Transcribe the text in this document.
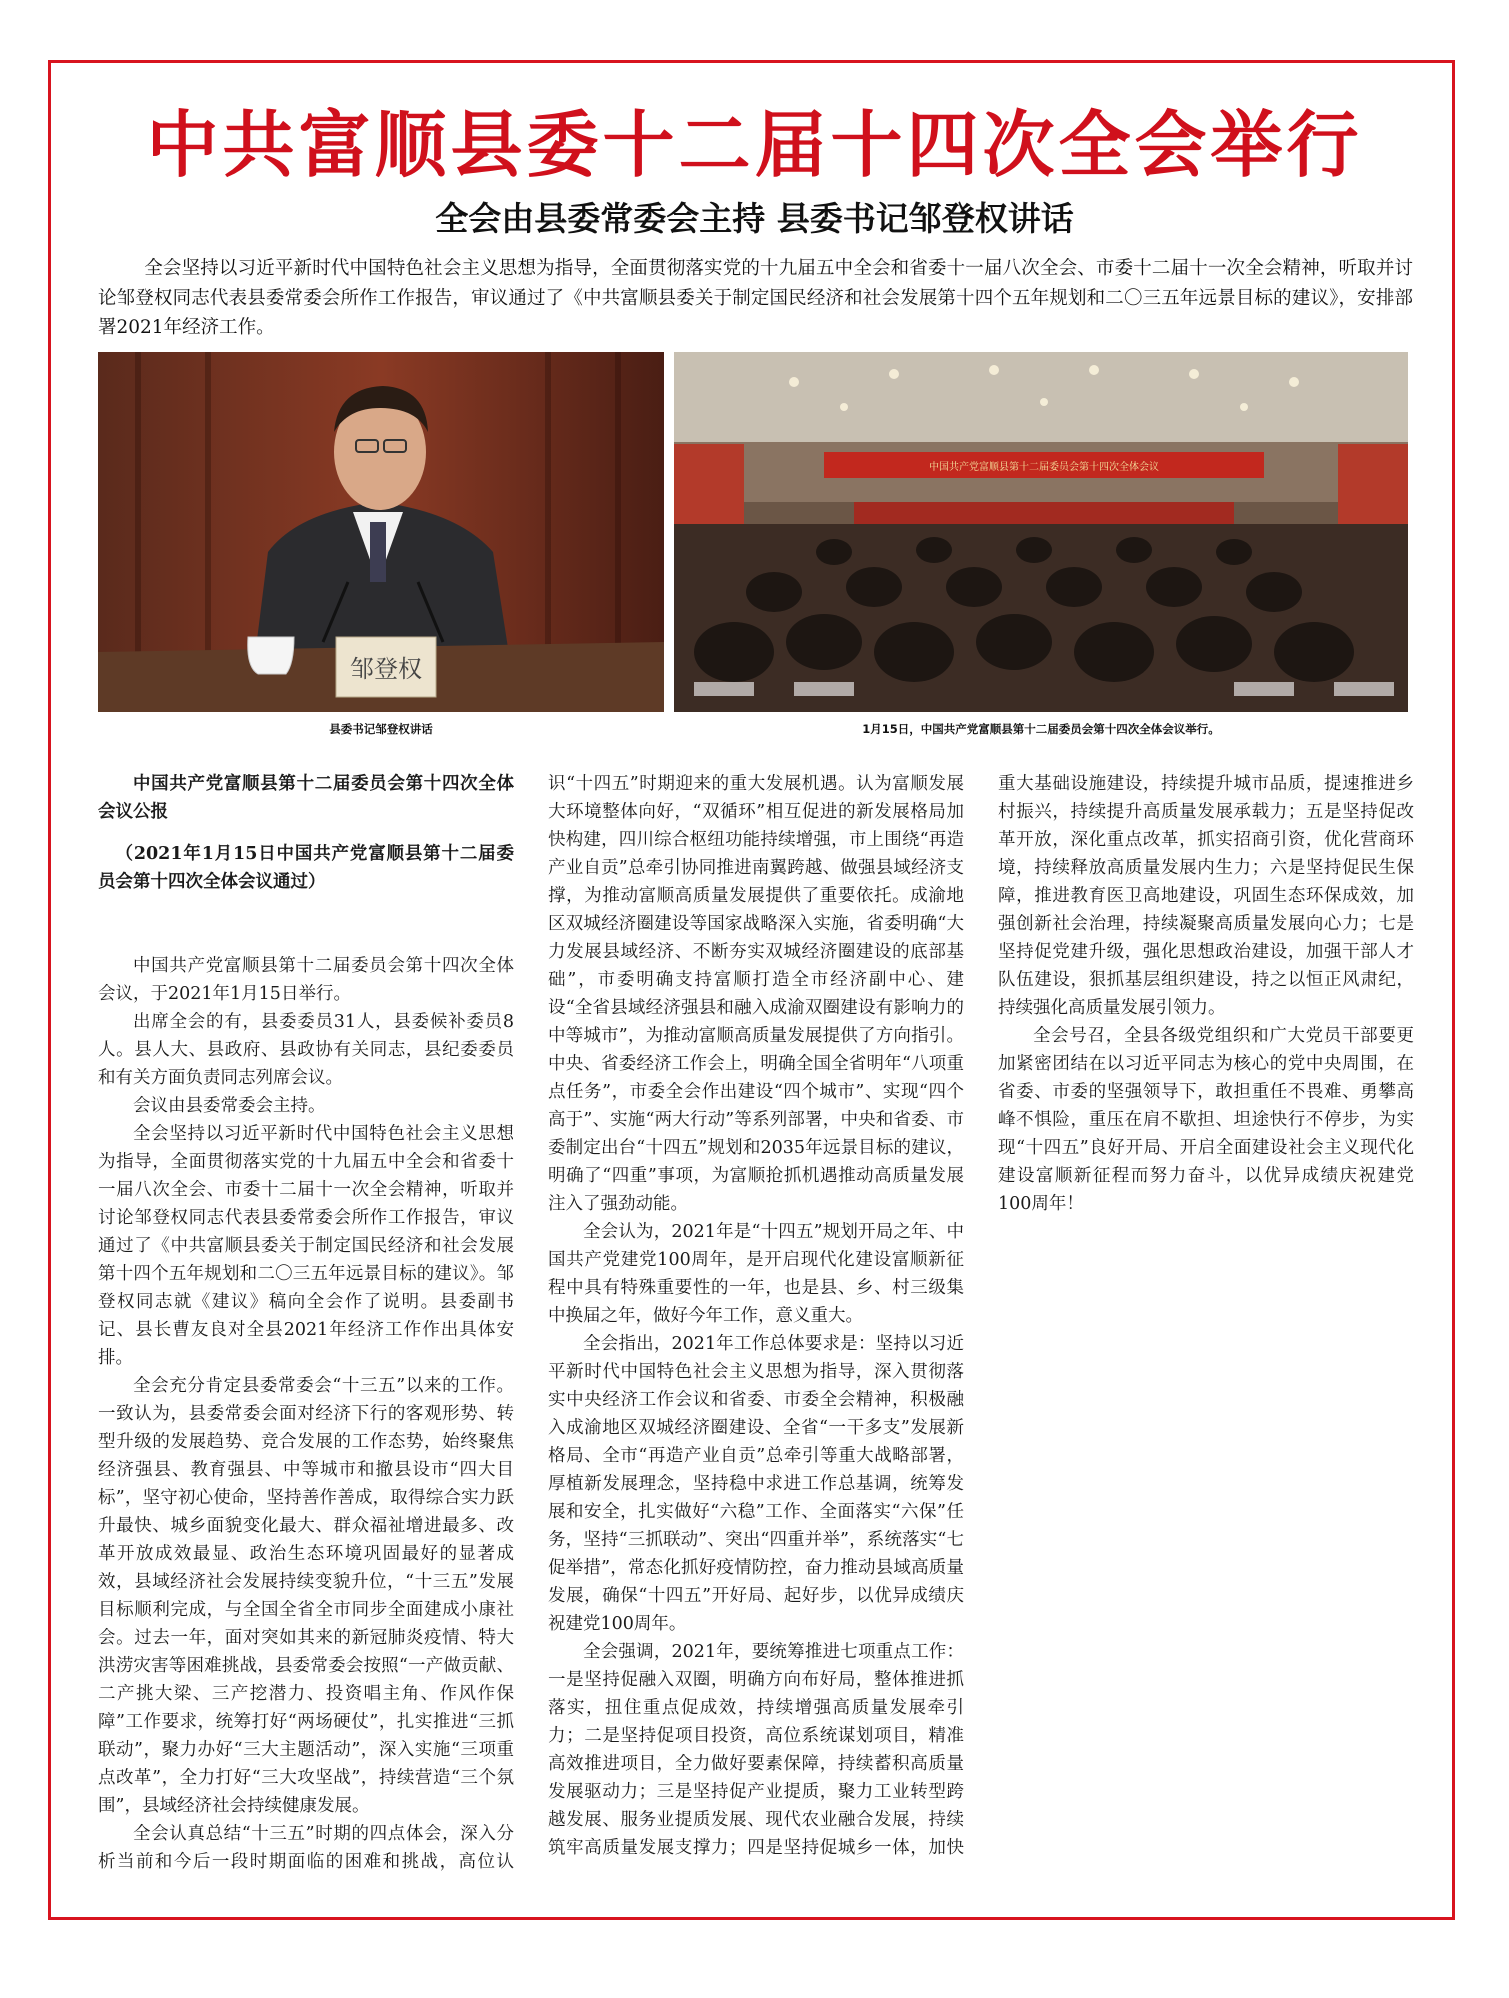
中共富顺县委十二届十四次全会举行
全会由县委常委会主持 县委书记邹登权讲话

全会坚持以习近平新时代中国特色社会主义思想为指导，全面贯彻落实党的十九届五中全会和省委十一届八次全会、市委十二届十一次全会精神，听取并讨论邹登权同志代表县委常委会所作工作报告，审议通过了《中共富顺县委关于制定国民经济和社会发展第十四个五年规划和二〇三五年远景目标的建议》，安排部署2021年经济工作。

邹登权
中国共产党富顺县第十二届委员会第十四次全体会议
县委书记邹登权讲话	1月15日，中国共产党富顺县第十二届委员会第十四次全体会议举行。

中国共产党富顺县第十二届委员会第十四次全体会议公报

（2021年1月15日中国共产党富顺县第十二届委员会第十四次全体会议通过）

中国共产党富顺县第十二届委员会第十四次全体会议，于2021年1月15日举行。

出席全会的有，县委委员31人，县委候补委员8人。县人大、县政府、县政协有关同志，县纪委委员和有关方面负责同志列席会议。

会议由县委常委会主持。

全会坚持以习近平新时代中国特色社会主义思想为指导，全面贯彻落实党的十九届五中全会和省委十一届八次全会、市委十二届十一次全会精神，听取并讨论邹登权同志代表县委常委会所作工作报告，审议通过了《中共富顺县委关于制定国民经济和社会发展第十四个五年规划和二〇三五年远景目标的建议》。邹登权同志就《建议》稿向全会作了说明。县委副书记、县长曹友良对全县2021年经济工作作出具体安排。

全会充分肯定县委常委会“十三五”以来的工作。一致认为，县委常委会面对经济下行的客观形势、转型升级的发展趋势、竞合发展的工作态势，始终聚焦经济强县、教育强县、中等城市和撤县设市“四大目标”，坚守初心使命，坚持善作善成，取得综合实力跃升最快、城乡面貌变化最大、群众福祉增进最多、改革开放成效最显、政治生态环境巩固最好的显著成效，县域经济社会发展持续变貌升位，“十三五”发展目标顺利完成，与全国全省全市同步全面建成小康社会。过去一年，面对突如其来的新冠肺炎疫情、特大洪涝灾害等困难挑战，县委常委会按照“一产做贡献、二产挑大梁、三产挖潜力、投资唱主角、作风作保障”工作要求，统筹打好“两场硬仗”，扎实推进“三抓联动”，聚力办好“三大主题活动”，深入实施“三项重点改革”，全力打好“三大攻坚战”，持续营造“三个氛围”，县域经济社会持续健康发展。

全会认真总结“十三五”时期的四点体会，深入分析当前和今后一段时期面临的困难和挑战，高位认识“十四五”时期迎来的重大发展机遇。认为富顺发展大环境整体向好，“双循环”相互促进的新发展格局加快构建，四川综合枢纽功能持续增强，市上围绕“再造产业自贡”总牵引协同推进南翼跨越、做强县域经济支撑，为推动富顺高质量发展提供了重要依托。成渝地区双城经济圈建设等国家战略深入实施，省委明确“大力发展县域经济、不断夯实双城经济圈建设的底部基础”，市委明确支持富顺打造全市经济副中心、建设“全省县域经济强县和融入成渝双圈建设有影响力的中等城市”，为推动富顺高质量发展提供了方向指引。中央、省委经济工作会上，明确全国全省明年“八项重点任务”，市委全会作出建设“四个城市”、实现“四个高于”、实施“两大行动”等系列部署，中央和省委、市委制定出台“十四五”规划和2035年远景目标的建议，明确了“四重”事项，为富顺抢抓机遇推动高质量发展注入了强劲动能。

全会认为，2021年是“十四五”规划开局之年、中国共产党建党100周年，是开启现代化建设富顺新征程中具有特殊重要性的一年，也是县、乡、村三级集中换届之年，做好今年工作，意义重大。

全会指出，2021年工作总体要求是：坚持以习近平新时代中国特色社会主义思想为指导，深入贯彻落实中央经济工作会议和省委、市委全会精神，积极融入成渝地区双城经济圈建设、全省“一干多支”发展新格局、全市“再造产业自贡”总牵引等重大战略部署，厚植新发展理念，坚持稳中求进工作总基调，统筹发展和安全，扎实做好“六稳”工作、全面落实“六保”任务，坚持“三抓联动”、突出“四重并举”，系统落实“七促举措”，常态化抓好疫情防控，奋力推动县域高质量发展，确保“十四五”开好局、起好步，以优异成绩庆祝建党100周年。

全会强调，2021年，要统筹推进七项重点工作：一是坚持促融入双圈，明确方向布好局，整体推进抓落实，扭住重点促成效，持续增强高质量发展牵引力；二是坚持促项目投资，高位系统谋划项目，精准高效推进项目，全力做好要素保障，持续蓄积高质量发展驱动力；三是坚持促产业提质，聚力工业转型跨越发展、服务业提质发展、现代农业融合发展，持续筑牢高质量发展支撑力；四是坚持促城乡一体，加快重大基础设施建设，持续提升城市品质，提速推进乡村振兴，持续提升高质量发展承载力；五是坚持促改革开放，深化重点改革，抓实招商引资，优化营商环境，持续释放高质量发展内生力；六是坚持促民生保障，推进教育医卫高地建设，巩固生态环保成效，加强创新社会治理，持续凝聚高质量发展向心力；七是坚持促党建升级，强化思想政治建设，加强干部人才队伍建设，狠抓基层组织建设，持之以恒正风肃纪，持续强化高质量发展引领力。

全会号召，全县各级党组织和广大党员干部要更加紧密团结在以习近平同志为核心的党中央周围，在省委、市委的坚强领导下，敢担重任不畏难、勇攀高峰不惧险，重压在肩不歇担、坦途快行不停步，为实现“十四五”良好开局、开启全面建设社会主义现代化建设富顺新征程而努力奋斗，以优异成绩庆祝建党100周年！
